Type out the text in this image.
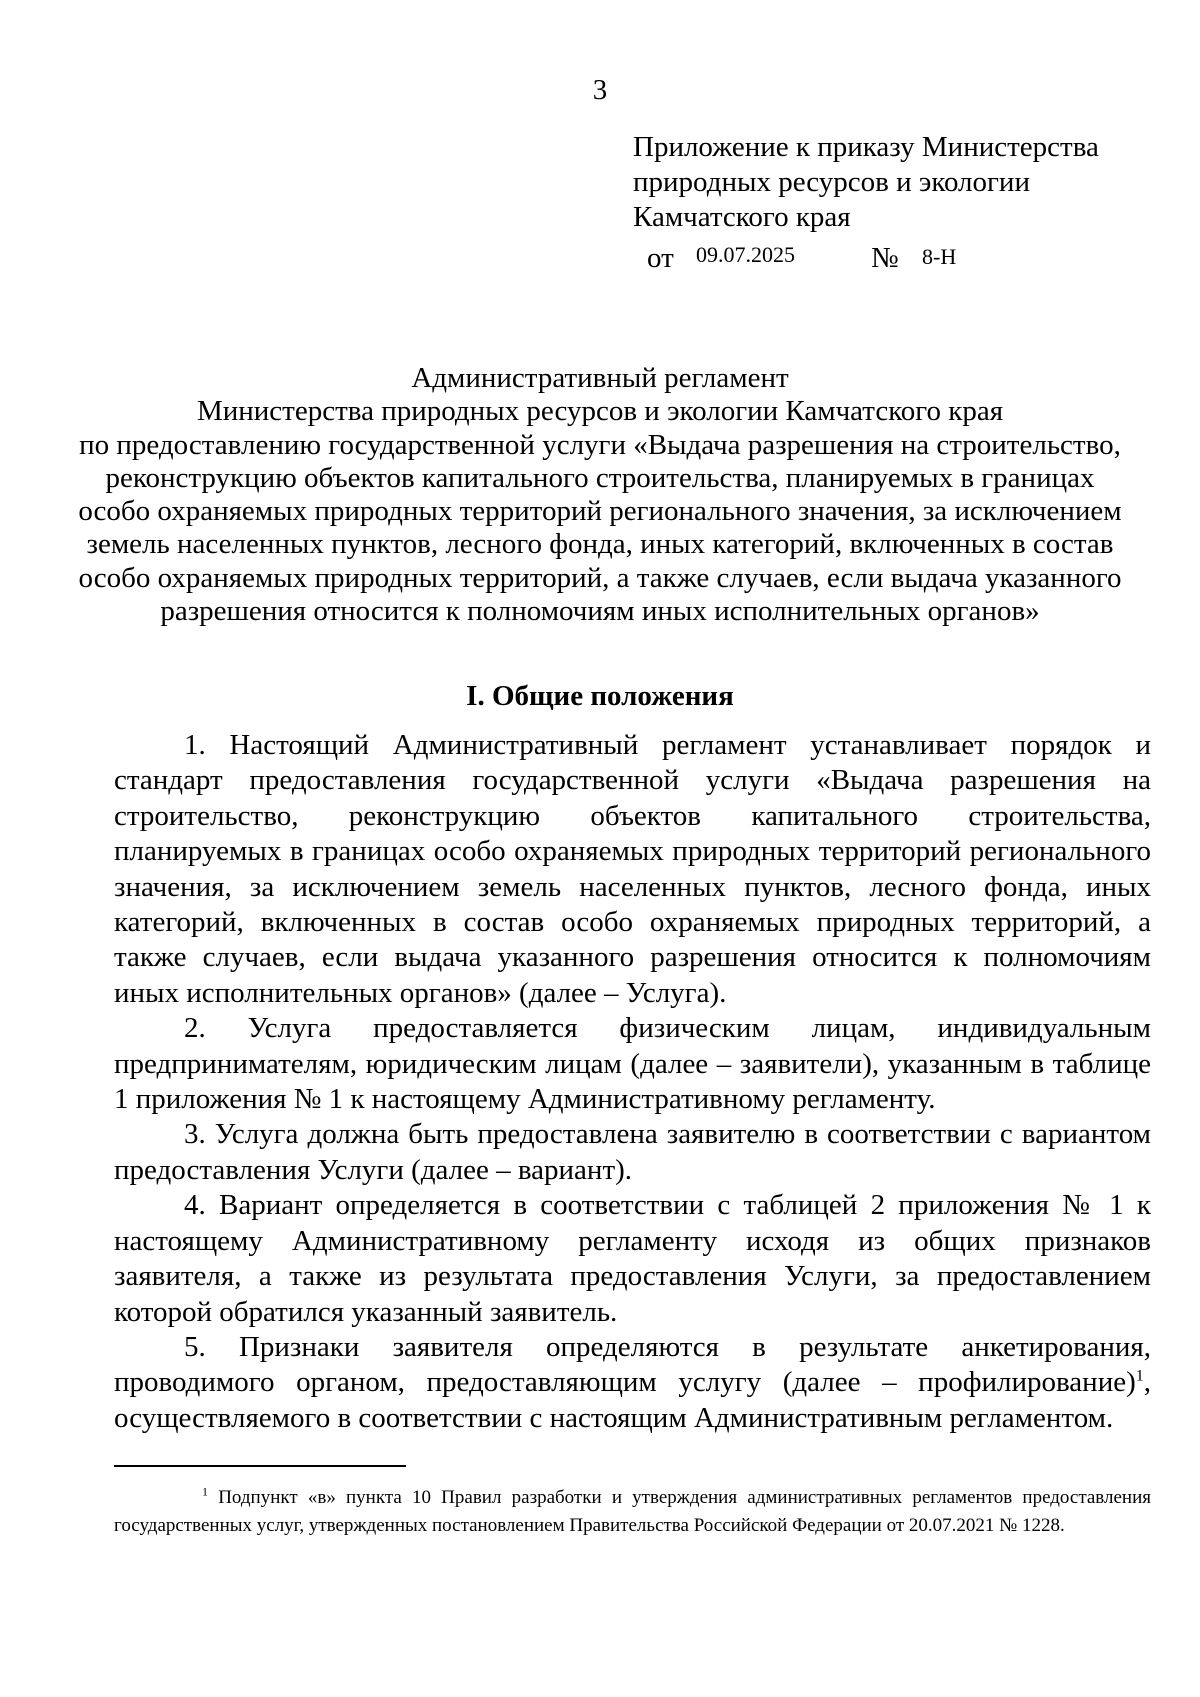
3
Приложение к приказу Министерства
природных ресурсов и экологии
Камчатского края
от 09.07.2025	№ 8-Н
Административный регламент
Министерства природных ресурсов и экологии Камчатского края
по предоставлению государственной услуги «Выдача разрешения на строительство,
реконструкцию объектов капитального строительства, планируемых в границах
особо охраняемых природных территорий регионального значения, за исключением
земель населенных пунктов, лесного фонда, иных категорий, включенных в состав
особо охраняемых природных территорий, а также случаев, если выдача указанного
разрешения относится к полномочиям иных исполнительных органов»
I. Общие положения

1. Настоящий Административный регламент устанавливает порядок и стандарт предоставления государственной услуги «Выдача разрешения на строительство, реконструкцию объектов капитального строительства, планируемых в границах особо охраняемых природных территорий регионального значения, за исключением земель населенных пунктов, лесного фонда, иных категорий, включенных в состав особо охраняемых природных территорий, а также случаев, если выдача указанного разрешения относится к полномочиям иных исполнительных органов» (далее – Услуга).

2. Услуга предоставляется физическим лицам, индивидуальным предпринимателям, юридическим лицам (далее – заявители), указанным в таблице 1 приложения № 1 к настоящему Административному регламенту.

3. Услуга должна быть предоставлена заявителю в соответствии с вариантом предоставления Услуги (далее – вариант).

4. Вариант определяется в соответствии с таблицей 2 приложения № 1 к настоящему Административному регламенту исходя из общих признаков заявителя, а также из результата предоставления Услуги, за предоставлением которой обратился указанный заявитель.

5. Признаки заявителя определяются в результате анкетирования, проводимого органом, предоставляющим услугу (далее – профилирование)$^1$, осуществляемого в соответствии с настоящим Административным регламентом.

$^1$ Подпункт «в» пункта 10 Правил разработки и утверждения административных регламентов предоставления государственных услуг, утвержденных постановлением Правительства Российской Федерации от 20.07.2021 № 1228.
